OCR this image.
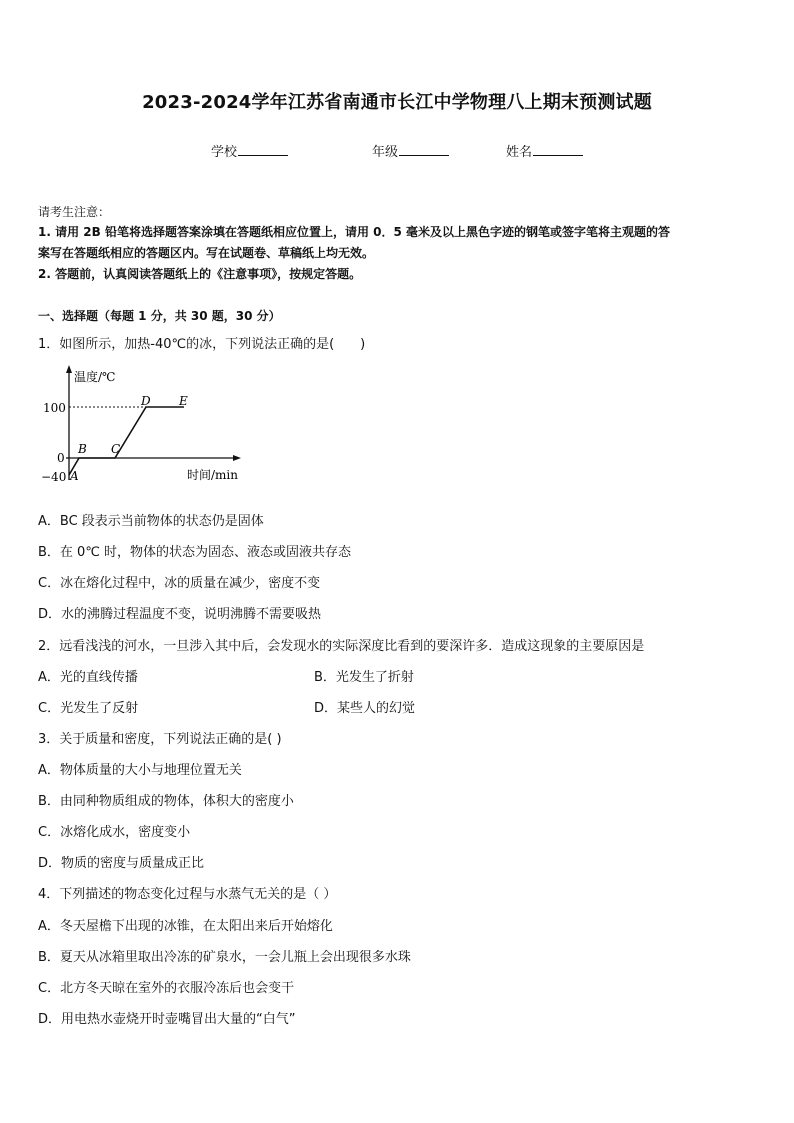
2023-2024学年江苏省南通市长江中学物理八上期末预测试题
学校	年级	姓名
请考生注意：
1. 请用 2B 铅笔将选择题答案涂填在答题纸相应位置上，请用 0．5 毫米及以上黑色字迹的钢笔或签字笔将主观题的答
案写在答题纸相应的答题区内。写在试题卷、草稿纸上均无效。
2. 答题前，认真阅读答题纸上的《注意事项》，按规定答题。
一、选择题（每题 1 分，共 30 题，30 分）
1．如图所示，加热-40℃的冰，下列说法正确的是(　　)
温度/℃
时间/min
100
0
−40 A
B C
D E
A．BC 段表示当前物体的状态仍是固体
B．在 0℃ 时，物体的状态为固态、液态或固液共存态
C．冰在熔化过程中，冰的质量在减少，密度不变
D．水的沸腾过程温度不变，说明沸腾不需要吸热
2．远看浅浅的河水，一旦涉入其中后，会发现水的实际深度比看到的要深许多．造成这现象的主要原因是
A．光的直线传播	B．光发生了折射
C．光发生了反射	D．某些人的幻觉
3．关于质量和密度，下列说法正确的是( )
A．物体质量的大小与地理位置无关
B．由同种物质组成的物体，体积大的密度小
C．冰熔化成水，密度变小
D．物质的密度与质量成正比
4．下列描述的物态变化过程与水蒸气无关的是（ ）
A．冬天屋檐下出现的冰锥，在太阳出来后开始熔化
B．夏天从冰箱里取出冷冻的矿泉水，一会儿瓶上会出现很多水珠
C．北方冬天晾在室外的衣服冷冻后也会变干
D．用电热水壶烧开时壶嘴冒出大量的“白气”
